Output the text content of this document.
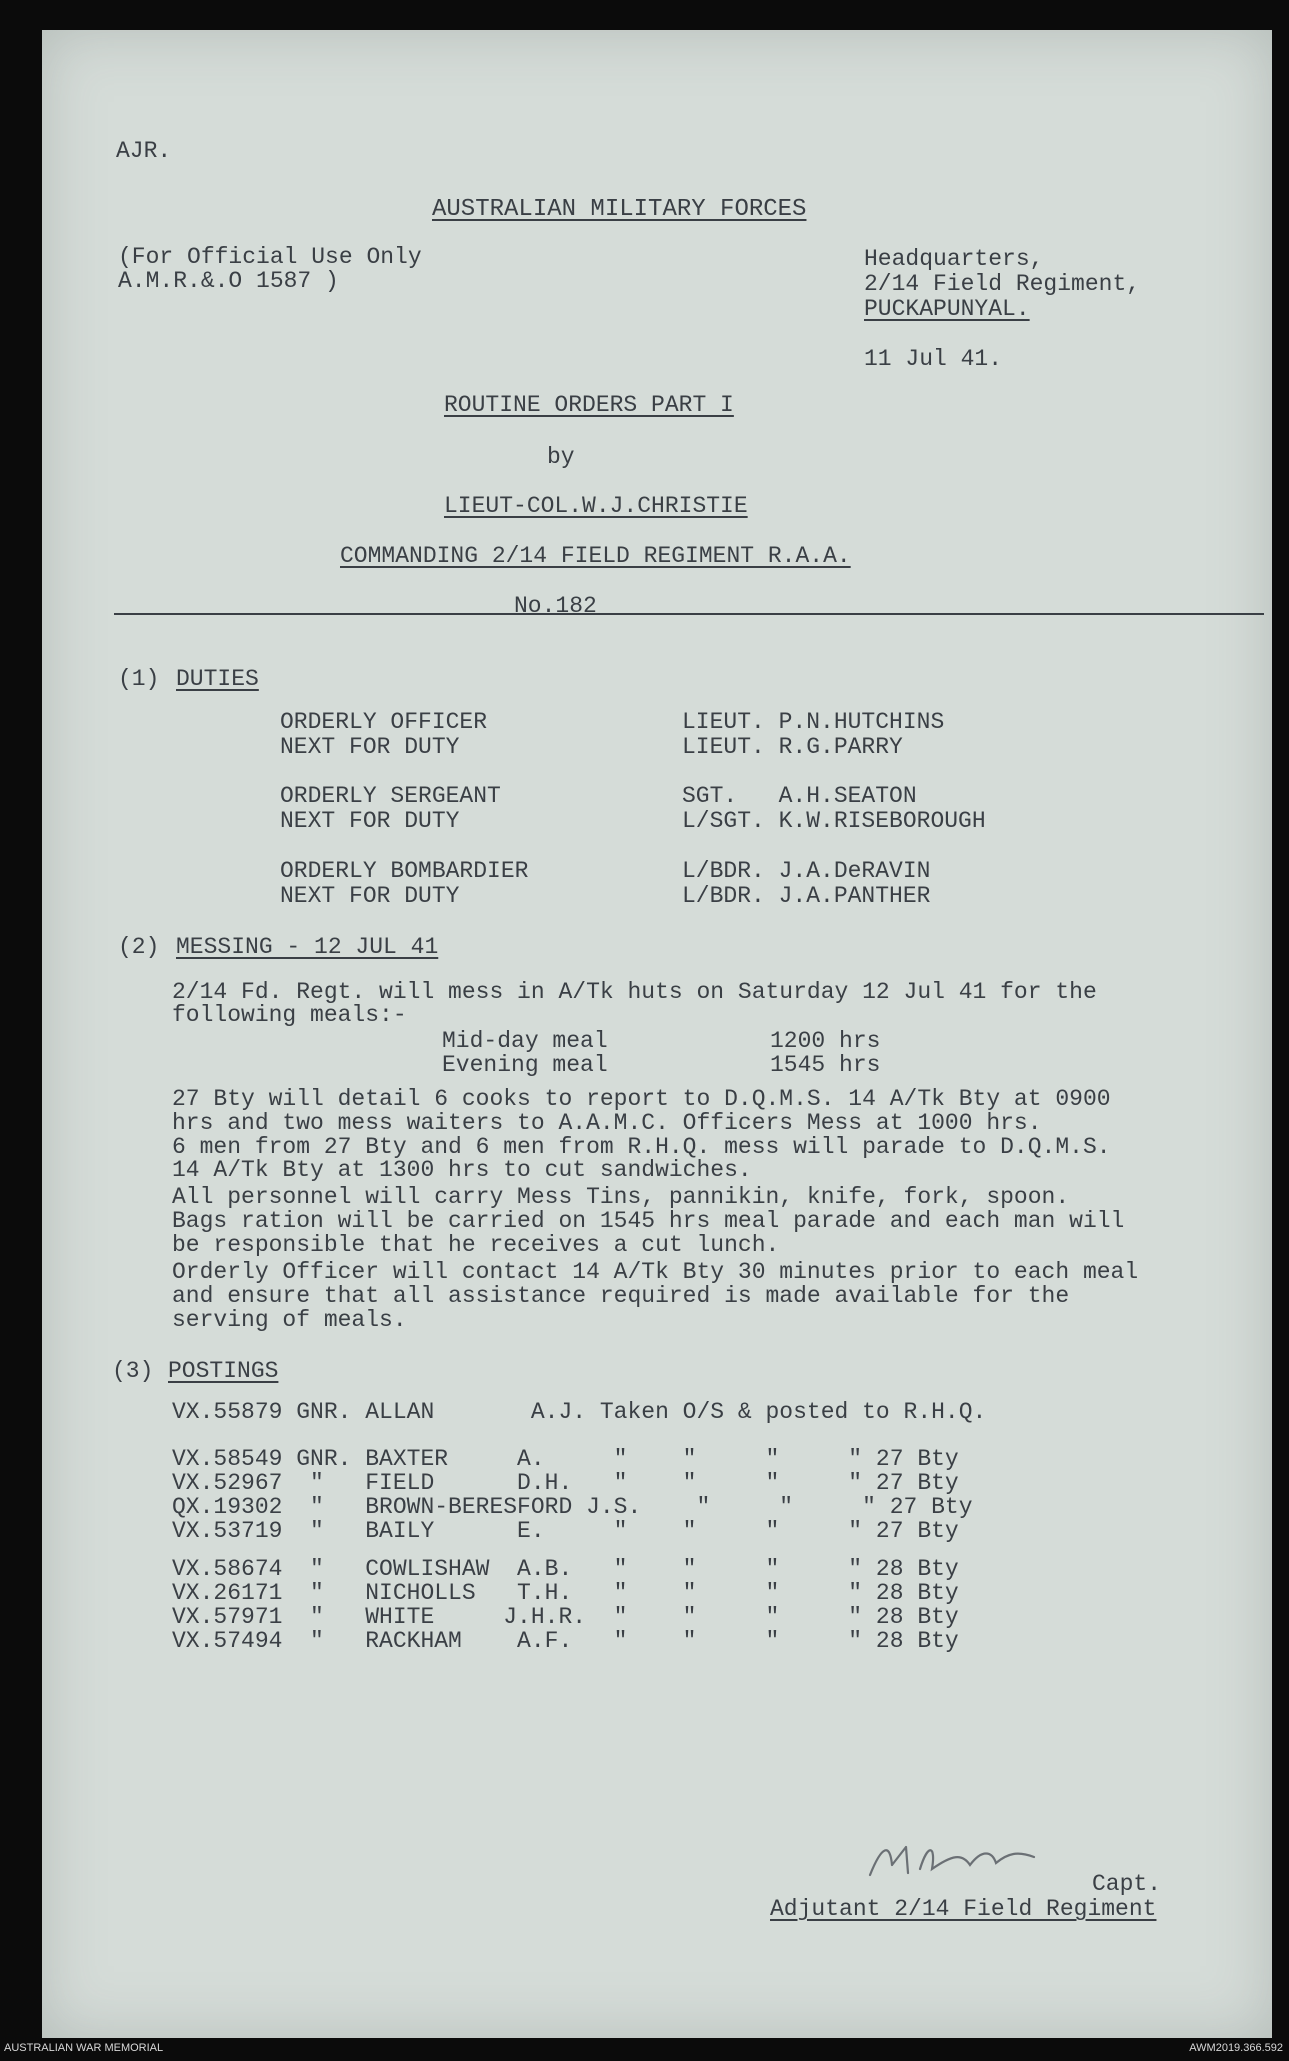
AJR.
AUSTRALIAN MILITARY FORCES
(For Official Use Only
A.M.R.&.O 1587 )
Headquarters,
2/14 Field Regiment,
PUCKAPUNYAL.
11 Jul 41.
ROUTINE ORDERS PART I
by
LIEUT-COL.W.J.CHRISTIE
COMMANDING 2/14 FIELD REGIMENT R.A.A.
No.182
(1) DUTIES
ORDERLY OFFICER	LIEUT. P.N.HUTCHINS
NEXT FOR DUTY	LIEUT. R.G.PARRY
ORDERLY SERGEANT	SGT.   A.H.SEATON
NEXT FOR DUTY	L/SGT. K.W.RISEBOROUGH
ORDERLY BOMBARDIER	L/BDR. J.A.DeRAVIN
NEXT FOR DUTY	L/BDR. J.A.PANTHER
(2) MESSING - 12 JUL 41
2/14 Fd. Regt. will mess in A/Tk huts on Saturday 12 Jul 41 for the
following meals:-
Mid-day meal	1200 hrs
Evening meal	1545 hrs
27 Bty will detail 6 cooks to report to D.Q.M.S. 14 A/Tk Bty at 0900
hrs and two mess waiters to A.A.M.C. Officers Mess at 1000 hrs.
6 men from 27 Bty and 6 men from R.H.Q. mess will parade to D.Q.M.S.
14 A/Tk Bty at 1300 hrs to cut sandwiches.
All personnel will carry Mess Tins, pannikin, knife, fork, spoon.
Bags ration will be carried on 1545 hrs meal parade and each man will
be responsible that he receives a cut lunch.
Orderly Officer will contact 14 A/Tk Bty 30 minutes prior to each meal
and ensure that all assistance required is made available for the
serving of meals.
(3) POSTINGS
VX.55879 GNR. ALLAN       A.J. Taken O/S & posted to R.H.Q.
VX.58549 GNR. BAXTER     A.     "    "     "     " 27 Bty
VX.52967  "   FIELD      D.H.   "    "     "     " 27 Bty
QX.19302  "   BROWN-BERESFORD J.S.    "     "     " 27 Bty
VX.53719  "   BAILY      E.     "    "     "     " 27 Bty
VX.58674  "   COWLISHAW  A.B.   "    "     "     " 28 Bty
VX.26171  "   NICHOLLS   T.H.   "    "     "     " 28 Bty
VX.57971  "   WHITE     J.H.R.  "    "     "     " 28 Bty
VX.57494  "   RACKHAM    A.F.   "    "     "     " 28 Bty
Capt.
Adjutant 2/14 Field Regiment
AUSTRALIAN WAR MEMORIAL	AWM2019.366.592
